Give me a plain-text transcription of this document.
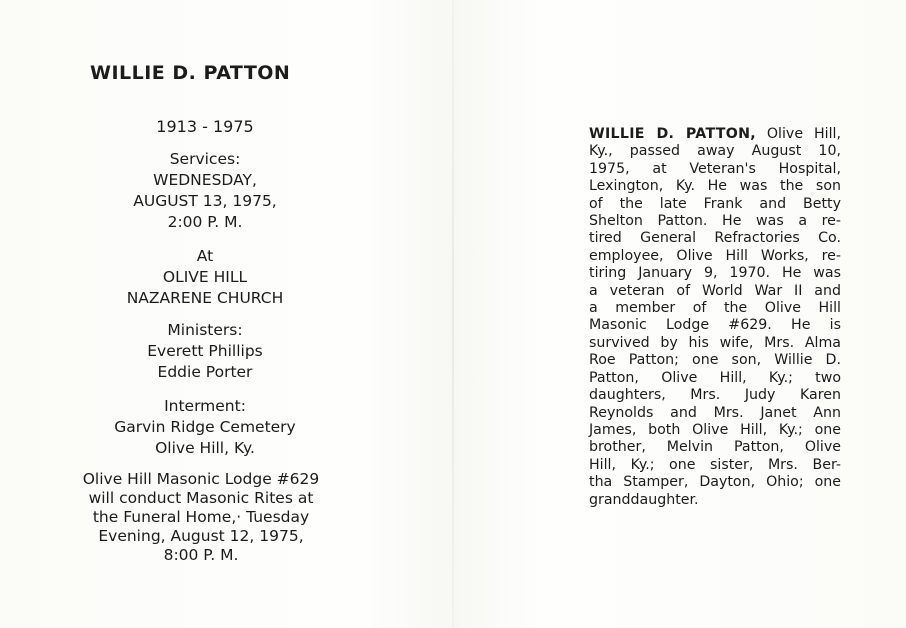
WILLIE D. PATTON
1913 - 1975
Services:
WEDNESDAY,
AUGUST 13, 1975,
2:00 P. M.
At
OLIVE HILL
NAZARENE CHURCH
Ministers:
Everett Phillips
Eddie Porter
Interment:
Garvin Ridge Cemetery
Olive Hill, Ky.
Olive Hill Masonic Lodge #629
will conduct Masonic Rites at
the Funeral Home,· Tuesday
Evening, August 12, 1975,
8:00 P. M.
WILLIE D. PATTON, Olive Hill,
Ky., passed away August 10,
1975, at Veteran's Hospital,
Lexington, Ky. He was the son
of the late Frank and Betty
Shelton Patton. He was a re-
tired General Refractories Co.
employee, Olive Hill Works, re-
tiring January 9, 1970. He was
a veteran of World War II and
a member of the Olive Hill
Masonic Lodge #629. He is
survived by his wife, Mrs. Alma
Roe Patton; one son, Willie D.
Patton, Olive Hill, Ky.; two
daughters, Mrs. Judy Karen
Reynolds and Mrs. Janet Ann
James, both Olive Hill, Ky.; one
brother, Melvin Patton, Olive
Hill, Ky.; one sister, Mrs. Ber-
tha Stamper, Dayton, Ohio; one
granddaughter.
